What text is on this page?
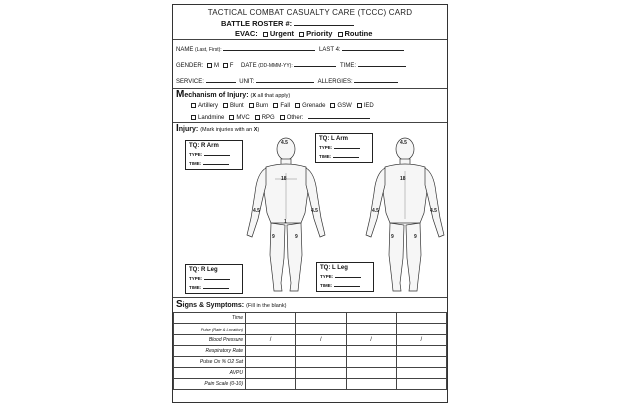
TACTICAL COMBAT CASUALTY CARE (TCCC) CARD
BATTLE ROSTER #:
EVAC: Urgent Priority Routine
NAME (Last, First):	LAST 4:
GENDER: M F DATE (DD-MMM-YY):	TIME:
SERVICE:	UNIT:	ALLERGIES:
Mechanism of Injury: (X all that apply)
Artillery Blunt Burn Fall Grenade GSW IED
Landmine MVC RPG Other:
Injury: (Mark injuries with an X)
4.5
18
4.5	4.5
1
9	9
4.5
18
4.5	4.5
9	9
TQ: R Arm
TYPE:
TIME:
TQ: L Arm
TYPE:
TIME:
TQ: R Leg
TYPE:
TIME:
TQ: L Leg
TYPE:
TIME:
Signs & Symptoms: (Fill in the blank)
Time				
Pulse (Rate & Location)				
Blood Pressure	/	/	/	/
Respiratory Rate				
Pulse Ox % O2 Sat				
AVPU				
Pain Scale (0-10)				
